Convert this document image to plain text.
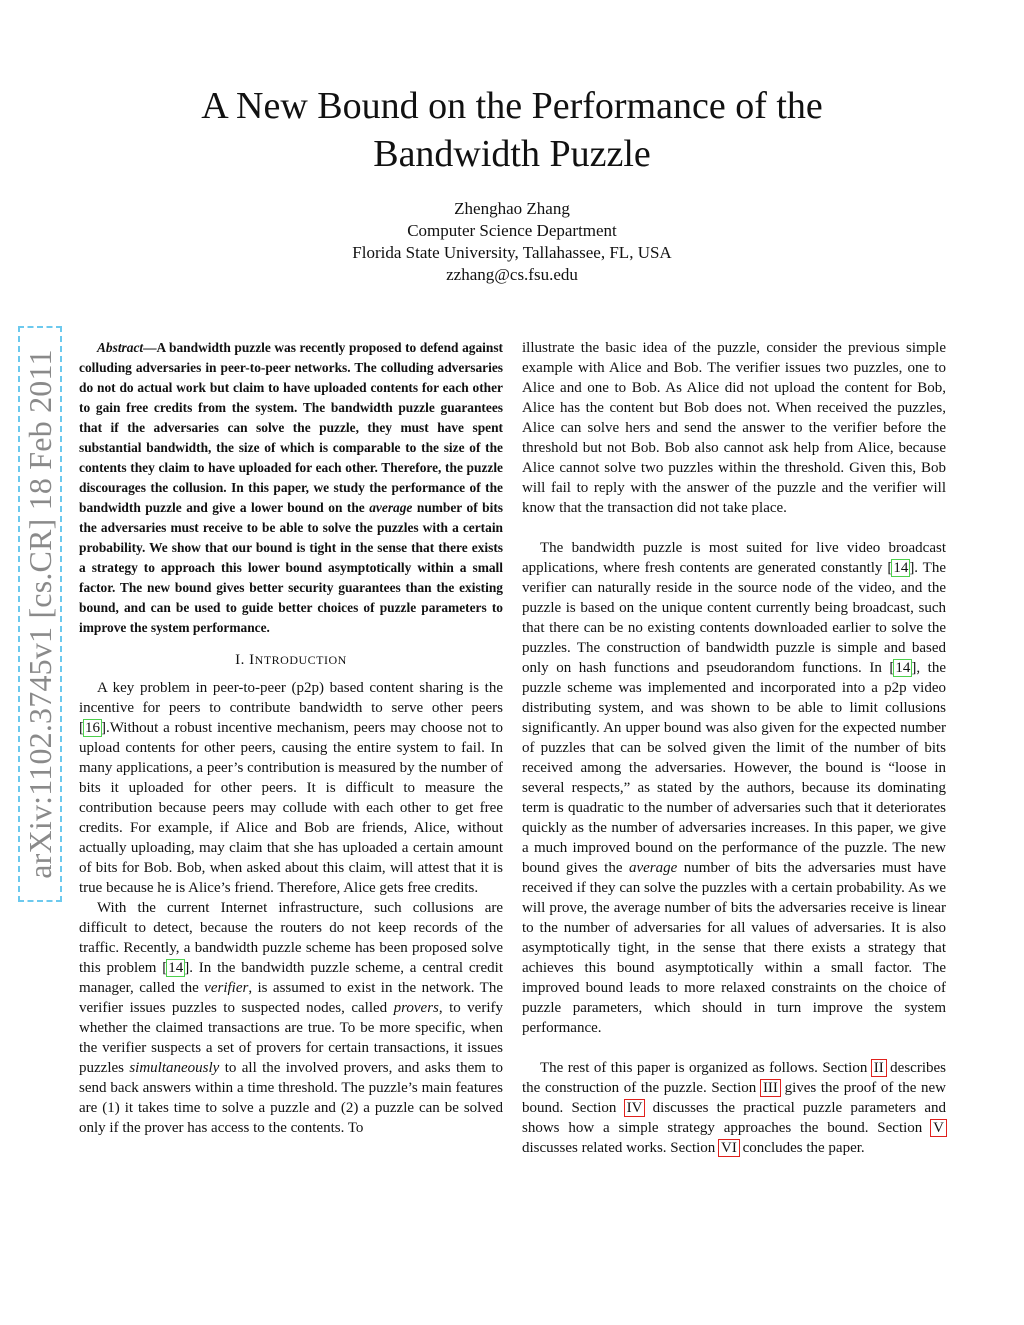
arXiv:1102.3745v1 [cs.CR] 18 Feb 2011
A New Bound on the Performance of the Bandwidth Puzzle
Zhenghao Zhang
Computer Science Department
Florida State University, Tallahassee, FL, USA
zzhang@cs.fsu.edu

Abstract—A bandwidth puzzle was recently proposed to defend against colluding adversaries in peer-to-peer networks. The colluding adversaries do not do actual work but claim to have uploaded contents for each other to gain free credits from the system. The bandwidth puzzle guarantees that if the adversaries can solve the puzzle, they must have spent substantial bandwidth, the size of which is comparable to the size of the contents they claim to have uploaded for each other. Therefore, the puzzle discourages the collusion. In this paper, we study the performance of the bandwidth puzzle and give a lower bound on the average number of bits the adversaries must receive to be able to solve the puzzles with a certain probability. We show that our bound is tight in the sense that there exists a strategy to approach this lower bound asymptotically within a small factor. The new bound gives better security guarantees than the existing bound, and can be used to guide better choices of puzzle parameters to improve the system performance.

I. INTRODUCTION

A key problem in peer-to-peer (p2p) based content sharing is the incentive for peers to contribute bandwidth to serve other peers [16].Without a robust incentive mechanism, peers may choose not to upload contents for other peers, causing the entire system to fail. In many applications, a peer’s contribution is measured by the number of bits it uploaded for other peers. It is difficult to measure the contribution because peers may collude with each other to get free credits. For example, if Alice and Bob are friends, Alice, without actually uploading, may claim that she has uploaded a certain amount of bits for Bob. Bob, when asked about this claim, will attest that it is true because he is Alice’s friend. Therefore, Alice gets free credits.

With the current Internet infrastructure, such collusions are difficult to detect, because the routers do not keep records of the traffic. Recently, a bandwidth puzzle scheme has been proposed solve this problem [14]. In the bandwidth puzzle scheme, a central credit manager, called the verifier, is assumed to exist in the network. The verifier issues puzzles to suspected nodes, called provers, to verify whether the claimed transactions are true. To be more specific, when the verifier suspects a set of provers for certain transactions, it issues puzzles simultaneously to all the involved provers, and asks them to send back answers within a time threshold. The puzzle’s main features are (1) it takes time to solve a puzzle and (2) a puzzle can be solved only if the prover has access to the contents. To

illustrate the basic idea of the puzzle, consider the previous simple example with Alice and Bob. The verifier issues two puzzles, one to Alice and one to Bob. As Alice did not upload the content for Bob, Alice has the content but Bob does not. When received the puzzles, Alice can solve hers and send the answer to the verifier before the threshold but not Bob. Bob also cannot ask help from Alice, because Alice cannot solve two puzzles within the threshold. Given this, Bob will fail to reply with the answer of the puzzle and the verifier will know that the transaction did not take place.

The bandwidth puzzle is most suited for live video broadcast applications, where fresh contents are generated constantly [14]. The verifier can naturally reside in the source node of the video, and the puzzle is based on the unique content currently being broadcast, such that there can be no existing contents downloaded earlier to solve the puzzles. The construction of bandwidth puzzle is simple and based only on hash functions and pseudorandom functions. In [14], the puzzle scheme was implemented and incorporated into a p2p video distributing system, and was shown to be able to limit collusions significantly. An upper bound was also given for the expected number of puzzles that can be solved given the limit of the number of bits received among the adversaries. However, the bound is “loose in several respects,” as stated by the authors, because its dominating term is quadratic to the number of adversaries such that it deteriorates quickly as the number of adversaries increases. In this paper, we give a much improved bound on the performance of the puzzle. The new bound gives the average number of bits the adversaries must have received if they can solve the puzzles with a certain probability. As we will prove, the average number of bits the adversaries receive is linear to the number of adversaries for all values of adversaries. It is also asymptotically tight, in the sense that there exists a strategy that achieves this bound asymptotically within a small factor. The improved bound leads to more relaxed constraints on the choice of puzzle parameters, which should in turn improve the system performance.

The rest of this paper is organized as follows. Section II describes the construction of the puzzle. Section III gives the proof of the new bound. Section IV discusses the practical puzzle parameters and shows how a simple strategy approaches the bound. Section V discusses related works. Section VI concludes the paper.
